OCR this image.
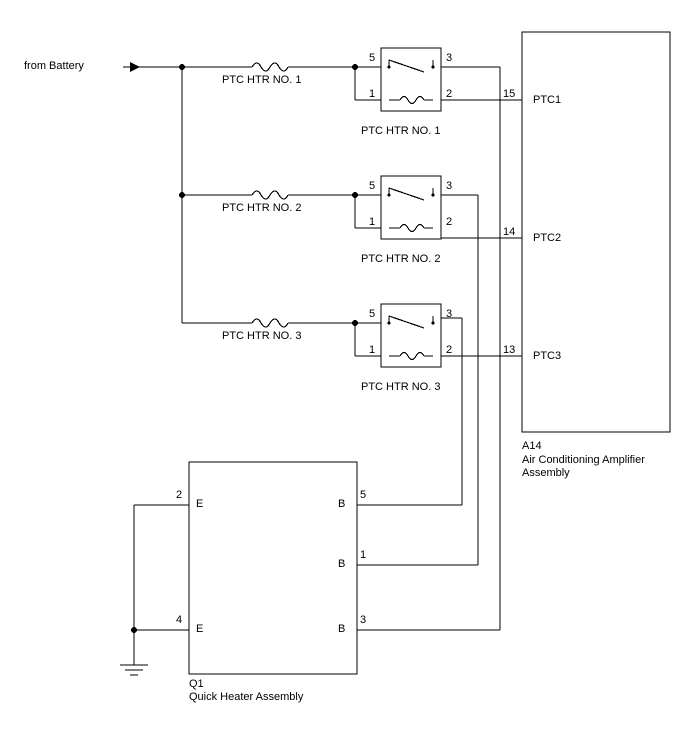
from Battery
PTC HTR NO. 1
PTC HTR NO. 2
PTC HTR NO. 3
5	3
1	2
PTC HTR NO. 1
5	3
1	2
PTC HTR NO. 2
5	3
1	2
PTC HTR NO. 3
15 PTC1
14 PTC2
13 PTC3
A14
Air Conditioning Amplifier
Assembly
2
E
4
E
B
5
B
1
B
3
Q1
Quick Heater Assembly
